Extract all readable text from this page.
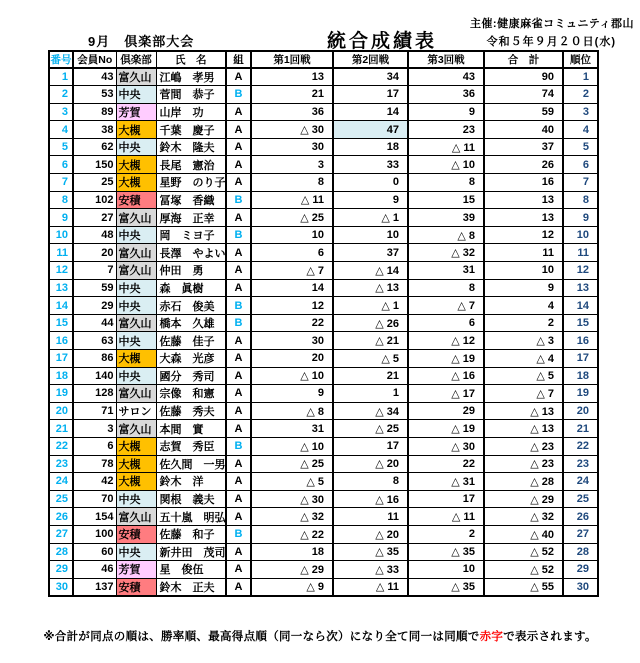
主催:健康麻雀コミュニティ郡山
9月　倶楽部大会	統合成績表	令和５年９月２０日(水)
番号	会員No	倶楽部	氏　名	組	第1回戦	第2回戦	第3回戦	合　計	順位
1	43	富久山	江嶋　孝男	A	13	34	43	90	1
2	53	中央	菅間　恭子	B	21	17	36	74	2
3	89	芳賀	山岸　功	A	36	14	9	59	3
4	38	大槻	千葉　慶子	A	△ 30	47	23	40	4
5	62	中央	鈴木　隆夫	A	30	18	△ 11	37	5
6	150	大槻	長尾　憲治	A	3	33	△ 10	26	6
7	25	大槻	星野　のり子	A	8	0	8	16	7
8	102	安積	冨塚　香織	B	△ 11	9	15	13	8
9	27	富久山	厚海　正幸	A	△ 25	△ 1	39	13	9
10	48	中央	岡　ミヨ子	B	10	10	△ 8	12	10
11	20	富久山	長澤　やよい	A	6	37	△ 32	11	11
12	7	富久山	仲田　勇	A	△ 7	△ 14	31	10	12
13	59	中央	森　眞樹	A	14	△ 13	8	9	13
14	29	中央	赤石　俊美	B	12	△ 1	△ 7	4	14
15	44	富久山	橋本　久雄	B	22	△ 26	6	2	15
16	63	中央	佐藤　佳子	A	30	△ 21	△ 12	△ 3	16
17	86	大槻	大森　光彦	A	20	△ 5	△ 19	△ 4	17
18	140	中央	國分　秀司	A	△ 10	21	△ 16	△ 5	18
19	128	富久山	宗像　和憲	A	9	1	△ 17	△ 7	19
20	71	サロン	佐藤　秀夫	A	△ 8	△ 34	29	△ 13	20
21	3	富久山	本間　實	A	31	△ 25	△ 19	△ 13	21
22	6	大槻	志賀　秀臣	B	△ 10	17	△ 30	△ 23	22
23	78	大槻	佐久間　一男	A	△ 25	△ 20	22	△ 23	23
24	42	大槻	鈴木　洋	A	△ 5	8	△ 31	△ 28	24
25	70	中央	関根　義夫	A	△ 30	△ 16	17	△ 29	25
26	154	富久山	五十嵐　明弘	A	△ 32	11	△ 11	△ 32	26
27	100	安積	佐藤　和子	B	△ 22	△ 20	2	△ 40	27
28	60	中央	新井田　茂司	A	18	△ 35	△ 35	△ 52	28
29	46	芳賀	星　俊伍	A	△ 29	△ 33	10	△ 52	29
30	137	安積	鈴木　正夫	A	△ 9	△ 11	△ 35	△ 55	30
※合計が同点の順は、勝率順、最高得点順（同一なら次）になり全て同一は同順で赤字で表示されます。
